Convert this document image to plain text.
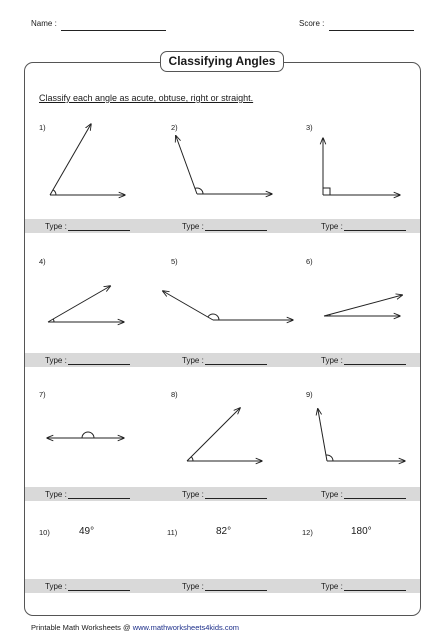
Name :	Score :
Classifying Angles
Classify each angle as acute, obtuse, right or straight.
1)	2)	3)
4)	5)	6)
7)	8)	9)
10)	11)	12)
49°	82°	180°
Type :	Type :	Type :
Type :	Type :	Type :
Type :	Type :	Type :
Type :	Type :	Type :
Printable Math Worksheets @ www.mathworksheets4kids.com
